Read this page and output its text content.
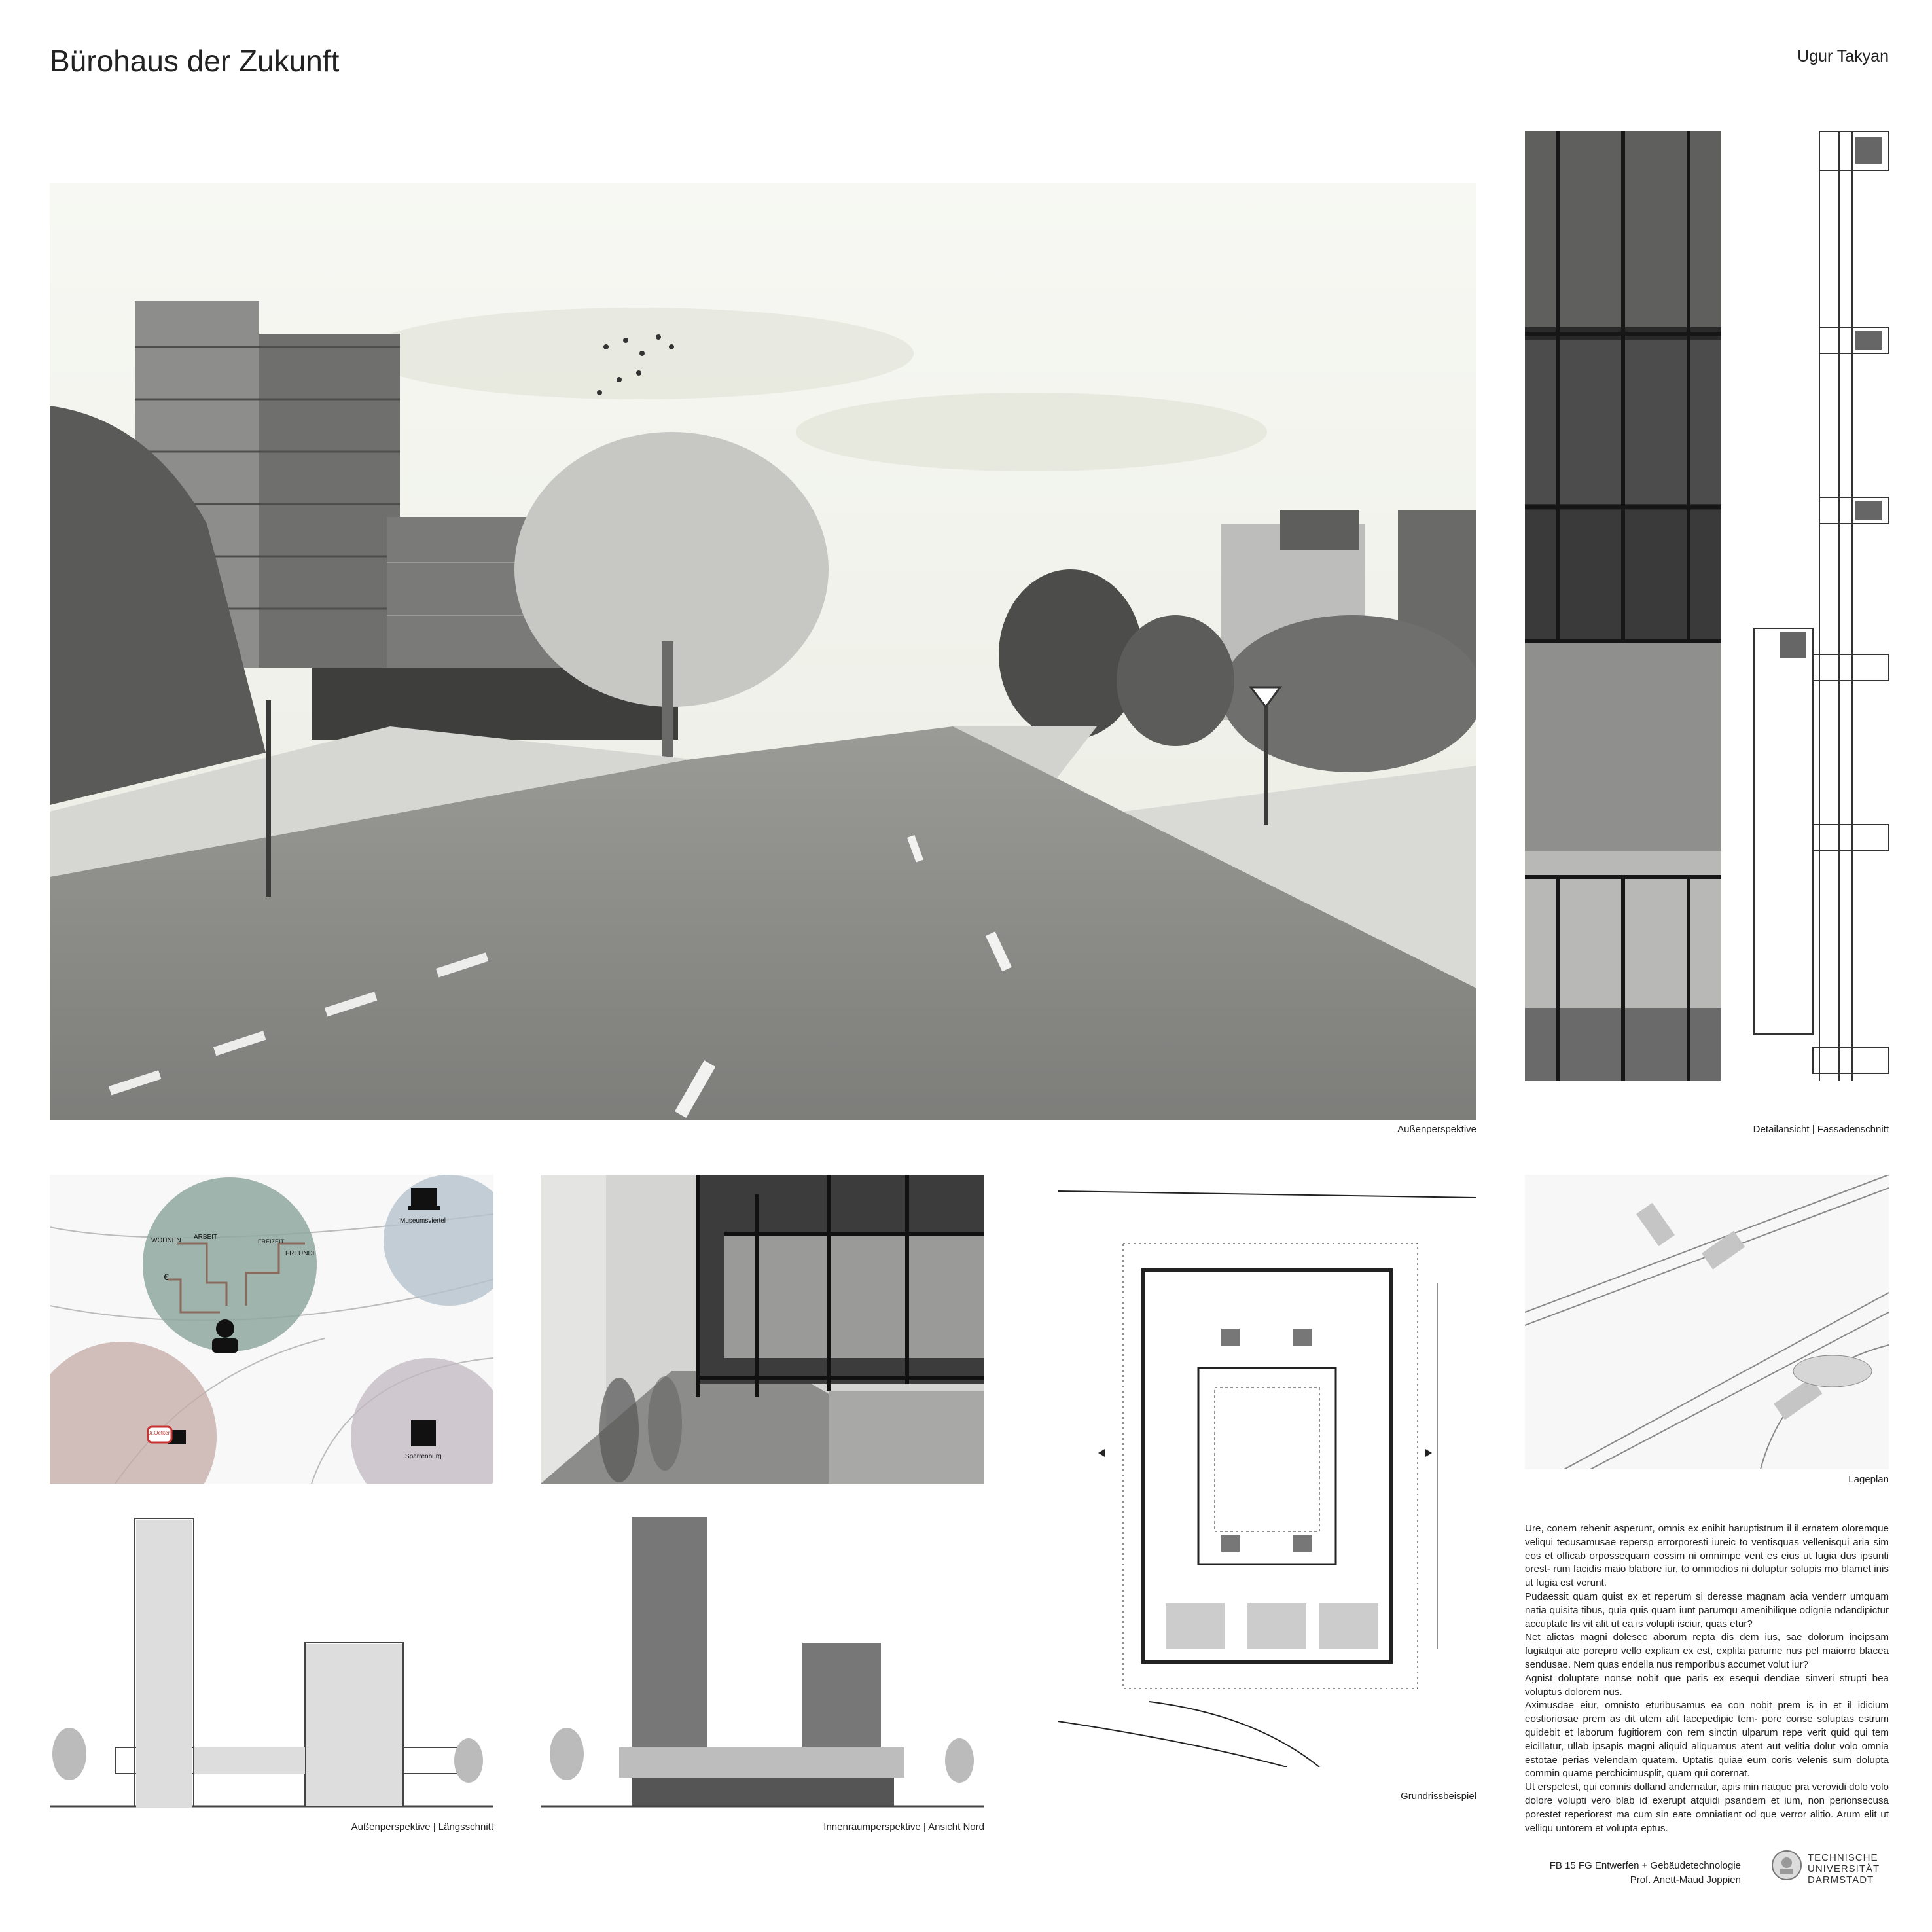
Bürohaus der Zukunft	Ugur Takyan
Außenperspektive	Detailansicht | Fassadenschnitt
WOHNEN ARBEIT
FREIZEIT
FREUNDE
€
Museumsviertel
Sparrenburg
Dr.Oetker
Grundrissbeispiel
Lageplan
Außenperspektive | Längsschnitt	Innenraumperspektive | Ansicht Nord

Ure, conem rehenit asperunt, omnis ex enihit haruptistrum il il ernatem oloremque veliqui tecusamusae repersp errorporesti iureic to ventisquas vellenisqui aria sim eos et officab orpossequam eossim ni omnimpe vent es eius ut fugia dus ipsunti orest- rum facidis maio blabore iur, to ommodios ni doluptur solupis mo blamet inis ut fugia est verunt.

Pudaessit quam quist ex et reperum si deresse magnam acia venderr umquam natia quisita tibus, quia quis quam iunt parumqu amenihilique odignie ndandipictur accuptate lis vit alit ut ea is volupti isciur, quas etur?

Net alictas magni dolesec aborum repta dis dem ius, sae dolorum incipsam fugiatqui ate porepro vello expliam ex est, explita parume nus pel maiorro blacea sendusae. Nem quas endella nus remporibus accumet volut iur?

Agnist doluptate nonse nobit que paris ex esequi dendiae sinveri strupti bea voluptus dolorem nus.

Aximusdae eiur, omnisto eturibusamus ea con nobit prem is in et il idicium eostioriosae prem as dit utem alit facepedipic tem- pore conse soluptas estrum quidebit et laborum fugitiorem con rem sinctin ulparum repe verit quid qui tem eicillatur, ullab ipsapis magni aliquid aliquamus atent aut velitia dolut volo omnia estotae perias velendam quatem. Uptatis quiae eum coris velenis sum dolupta commin quame perchicimusplit, quam qui corernat.

Ut erspelest, qui comnis dolland andernatur, apis min natque pra verovidi dolo volo dolore volupti vero blab id exerupt atquidi psandem et ium, non perionsecusa porestet reperiorest ma cum sin eate omniatiant od que verror alitio. Arum elit ut velliqu untorem et volupta eptus.

FB 15 FG Entwerfen + Gebäudetechnologie
Prof. Anett-Maud Joppien
TECHNISCHE
UNIVERSITÄT
DARMSTADT
